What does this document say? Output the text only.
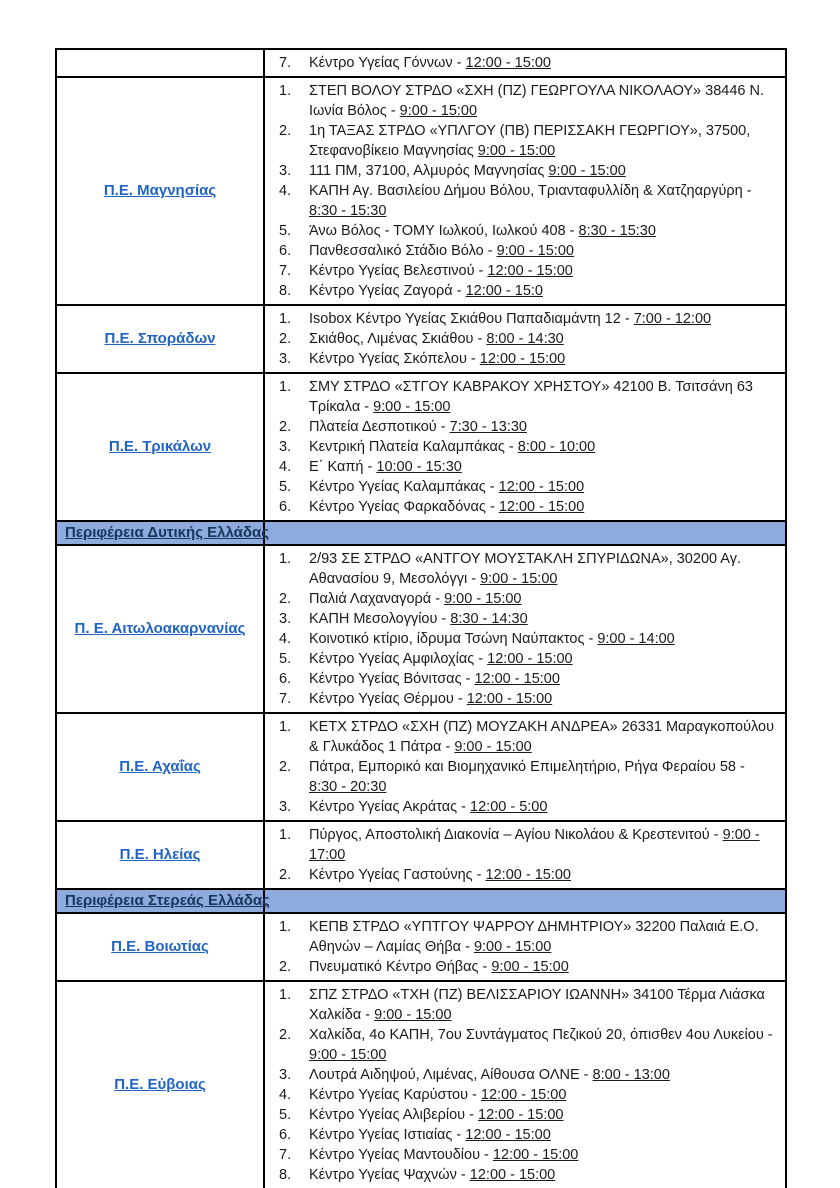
7.	Κέντρο Υγείας Γόννων - 12:00 - 15:00

Π.Ε. Μαγνησίας	
1.	ΣΤΕΠ ΒΟΛΟΥ ΣΤΡΔΟ «ΣΧΗ (ΠΖ) ΓΕΩΡΓΟΥΛΑ ΝΙΚΟΛΑΟΥ» 38446 Ν. Ιωνία Βόλος - 9:00 - 15:00
2.	1η ΤΑΞΑΣ ΣΤΡΔΟ «ΥΠΛΓΟΥ (ΠΒ) ΠΕΡΙΣΣΑΚΗ ΓΕΩΡΓΙΟΥ», 37500, Στεφανοβίκειο Μαγνησίας 9:00 - 15:00
3.	111 ΠΜ, 37100, Αλμυρός Μαγνησίας 9:00 - 15:00
4.	ΚΑΠΗ Αγ. Βασιλείου Δήμου Βόλου, Τριανταφυλλίδη & Χατζηαργύρη - 8:30 - 15:30
5.	Άνω Βόλος - ΤΟΜΥ Ιωλκού, Ιωλκού 408 - 8:30 - 15:30
6.	Πανθεσσαλικό Στάδιο Βόλο - 9:00 - 15:00
7.	Κέντρο Υγείας Βελεστινού - 12:00 - 15:00
8.	Κέντρο Υγείας Ζαγορά - 12:00 - 15:0

Π.Ε. Σποράδων	
1.	Isobox Κέντρο Υγείας Σκιάθου Παπαδιαμάντη 12 - 7:00 - 12:00
2.	Σκιάθος, Λιμένας Σκιάθου - 8:00 - 14:30
3.	Κέντρο Υγείας Σκόπελου - 12:00 - 15:00

Π.Ε. Τρικάλων	
1.	ΣΜΥ ΣΤΡΔΟ «ΣΤΓΟΥ ΚΑΒΡΑΚΟΥ ΧΡΗΣΤΟΥ» 42100 Β. Τσιτσάνη 63 Τρίκαλα - 9:00 - 15:00
2.	Πλατεία Δεσποτικού - 7:30 - 13:30
3.	Κεντρική Πλατεία Καλαμπάκας - 8:00 - 10:00
4.	Ε΄ Καπή - 10:00 - 15:30
5.	Κέντρο Υγείας Καλαμπάκας - 12:00 - 15:00
6.	Κέντρο Υγείας Φαρκαδόνας - 12:00 - 15:00

Περιφέρεια Δυτικής Ελλάδας	
Π. Ε. Αιτωλοακαρνανίας	
1.	2/93 ΣΕ ΣΤΡΔΟ «ΑΝΤΓΟΥ ΜΟΥΣΤΑΚΛΗ ΣΠΥΡΙΔΩΝΑ», 30200 Αγ. Αθανασίου 9, Μεσολόγγι - 9:00 - 15:00
2.	Παλιά Λαχαναγορά - 9:00 - 15:00
3.	ΚΑΠΗ Μεσολογγίου - 8:30 - 14:30
4.	Κοινοτικό κτίριο, ίδρυμα Τσώνη Ναύπακτος - 9:00 - 14:00
5.	Κέντρο Υγείας Αμφιλοχίας - 12:00 - 15:00
6.	Κέντρο Υγείας Βόνιτσας - 12:00 - 15:00
7.	Κέντρο Υγείας Θέρμου - 12:00 - 15:00

Π.Ε. Αχαΐας	
1.	ΚΕΤΧ ΣΤΡΔΟ «ΣΧΗ (ΠΖ) ΜΟΥΖΑΚΗ ΑΝΔΡΕΑ» 26331 Μαραγκοπούλου & Γλυκάδος 1 Πάτρα - 9:00 - 15:00
2.	Πάτρα, Εμπορικό και Βιομηχανικό Επιμελητήριο, Ρήγα Φεραίου 58 - 8:30 - 20:30
3.	Κέντρο Υγείας Ακράτας - 12:00 - 5:00

Π.Ε. Ηλείας	
1.	Πύργος, Αποστολική Διακονία – Αγίου Νικολάου & Κρεστενιτού - 9:00 - 17:00
2.	Κέντρο Υγείας Γαστούνης - 12:00 - 15:00

Περιφέρεια Στερεάς Ελλάδας	
Π.Ε. Βοιωτίας	
1.	ΚΕΠΒ ΣΤΡΔΟ «ΥΠΤΓΟΥ ΨΑΡΡΟΥ ΔΗΜΗΤΡΙΟΥ» 32200 Παλαιά Ε.Ο. Αθηνών – Λαμίας Θήβα - 9:00 - 15:00
2.	Πνευματικό Κέντρο Θήβας - 9:00 - 15:00

Π.Ε. Εύβοιας	
1.	ΣΠΖ ΣΤΡΔΟ «ΤΧΗ (ΠΖ) ΒΕΛΙΣΣΑΡΙΟΥ ΙΩΑΝΝΗ» 34100 Τέρμα Λιάσκα Χαλκίδα - 9:00 - 15:00
2.	Χαλκίδα, 4ο ΚΑΠΗ, 7ου Συντάγματος Πεζικού 20, όπισθεν 4ου Λυκείου - 9:00 - 15:00
3.	Λουτρά Αιδηψού, Λιμένας, Αίθουσα ΟΛΝΕ - 8:00 - 13:00
4.	Κέντρο Υγείας Καρύστου - 12:00 - 15:00
5.	Κέντρο Υγείας Αλιβερίου - 12:00 - 15:00
6.	Κέντρο Υγείας Ιστιαίας - 12:00 - 15:00
7.	Κέντρο Υγείας Μαντουδίου - 12:00 - 15:00
8.	Κέντρο Υγείας Ψαχνών - 12:00 - 15:00
